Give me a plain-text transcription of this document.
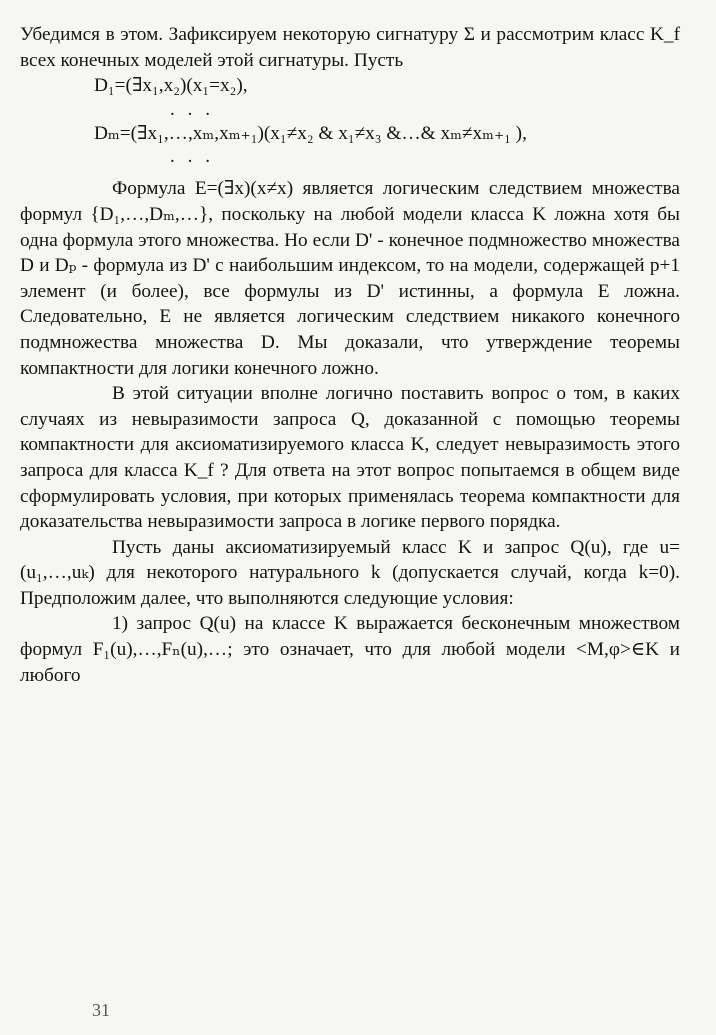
Убедимся в этом. Зафиксируем некоторую сигнатуру Σ и рассмотрим класс K_f всех конечных моделей этой сигнатуры. Пусть

D₁=(∃x₁,x₂)(x₁=x₂),

. . .

Dₘ=(∃x₁,…,xₘ,xₘ₊₁)(x₁≠x₂ & x₁≠x₃ &…& xₘ≠xₘ₊₁ ),

. . .

Формула E=(∃x)(x≠x) является логическим следствием множества формул {D₁,…,Dₘ,…}, поскольку на любой модели класса K ложна хотя бы одна формула этого множества. Но если D' - конечное подмножество множества D и Dₚ - формула из D' с наибольшим индексом, то на модели, содержащей p+1 элемент (и более), все формулы из D' истинны, а формула E ложна. Следовательно, E не является логическим следствием никакого конечного подмножества множества D. Мы доказали, что утверждение теоремы компактности для логики конечного ложно.

В этой ситуации вполне логично поставить вопрос о том, в каких случаях из невыразимости запроса Q, доказанной с помощью теоремы компактности для аксиоматизируемого класса K, следует невыразимость этого запроса для класса K_f ? Для ответа на этот вопрос попытаемся в общем виде сформулировать условия, при которых применялась теорема компактности для доказательства невыразимости запроса в логике первого порядка.

Пусть даны аксиоматизируемый класс K и запрос Q(u), где u=(u₁,…,uₖ) для некоторого натурального k (допускается случай, когда k=0). Предположим далее, что выполняются следующие условия:

1) запрос Q(u) на классе K выражается бесконечным множеством формул F₁(u),…,Fₙ(u),…; это означает, что для любой модели <M,φ>∈K и любого

31
